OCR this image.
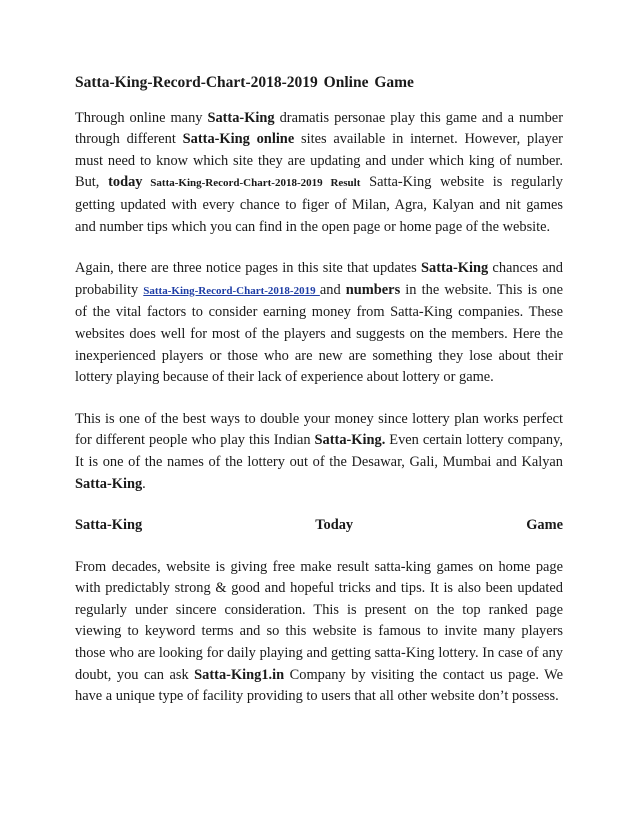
Satta-King-Record-Chart-2018-2019 Online Game

Through online many Satta-King dramatis personae play this game and a number through different Satta-King online sites available in internet. However, player must need to know which site they are updating and under which king of number. But, today Satta-King-Record-Chart-2018-2019 Result Satta-King website is regularly getting updated with every chance to figer of Milan, Agra, Kalyan and nit games and number tips which you can find in the open page or home page of the website.

Again, there are three notice pages in this site that updates Satta-King chances and probability Satta-King-Record-Chart-2018-2019 and numbers in the website. This is one of the vital factors to consider earning money from Satta-King companies. These websites does well for most of the players and suggests on the members. Here the inexperienced players or those who are new are something they lose about their lottery playing because of their lack of experience about lottery or game.

This is one of the best ways to double your money since lottery plan works perfect for different people who play this Indian Satta-King. Even certain lottery company, It is one of the names of the lottery out of the Desawar, Gali, Mumbai and Kalyan Satta-King.

Satta-King	Today	Game

From decades, website is giving free make result satta-king games on home page with predictably strong & good and hopeful tricks and tips. It is also been updated regularly under sincere consideration. This is present on the top ranked page viewing to keyword terms and so this website is famous to invite many players those who are looking for daily playing and getting satta-King lottery. In case of any doubt, you can ask Satta-King1.in Company by visiting the contact us page. We have a unique type of facility providing to users that all other website don’t possess.
